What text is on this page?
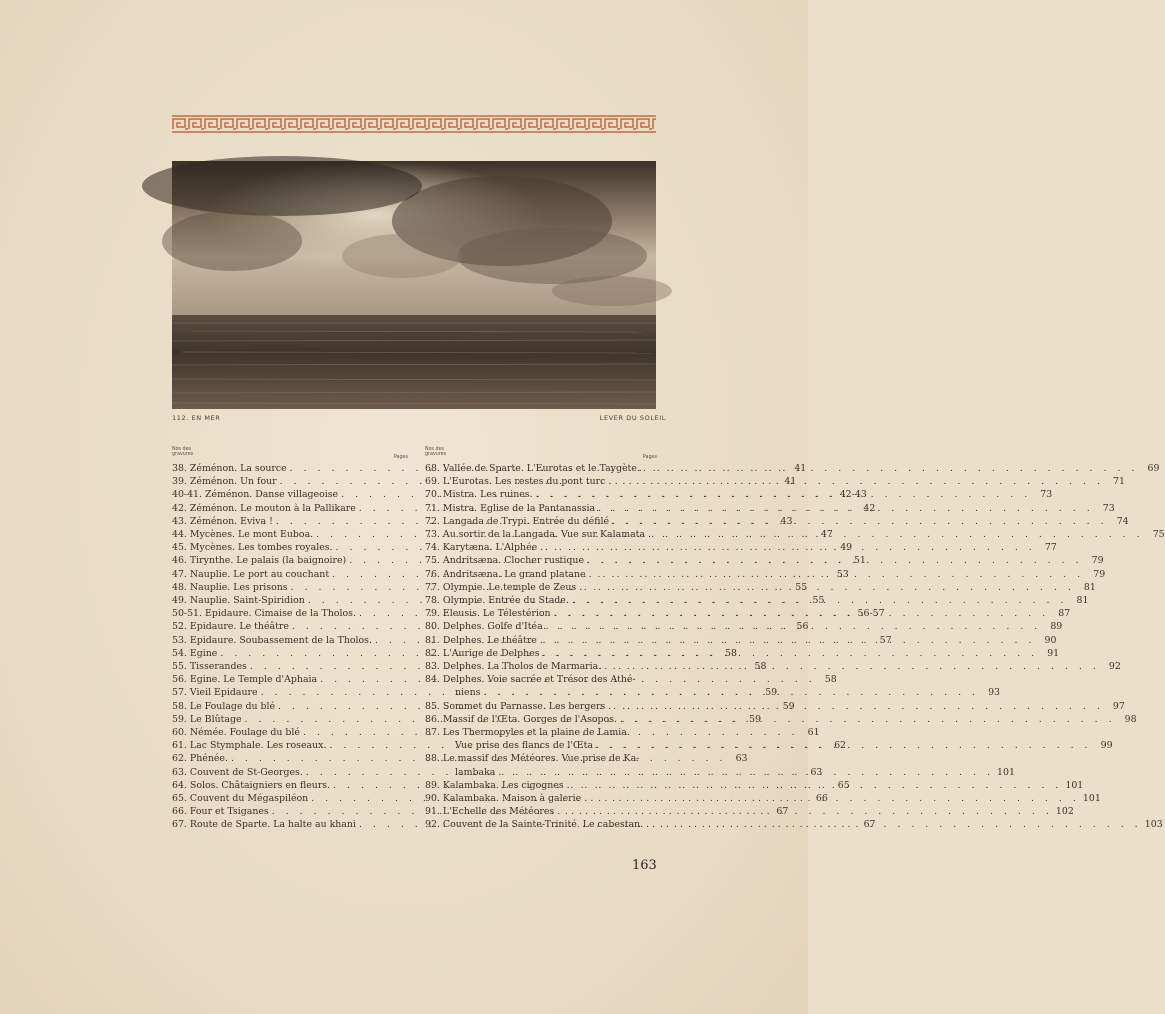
112. EN MER	LEVER DU SOLEIL
Nos des gravures
Pages
38. Zéménon. La source . . .	41
39. Zéménon. Un four . . .	41
40-41. Zéménon. Danse villageoise . . .	42-43
42. Zéménon. Le mouton à la Pallikare . . .	42
43. Zéménon. Eviva ! . . .	43
44. Mycènes. Le mont Euboa. . . .	47
45. Mycènes. Les tombes royales. . . .	49
46. Tirynthe. Le palais (la baignoire) . . .	51
47. Nauplie. Le port au couchant . . .	53
48. Nauplie. Les prisons . . .	55
49. Nauplie. Saint-Spiridion . . .	55
50-51. Epidaure. Cimaise de la Tholos. . . .	56-57
52. Epidaure. Le théâtre . . .	56
53. Epidaure. Soubassement de la Tholos. . . .	57
54. Egine . . .	58
55. Tisserandes . . .	58
56. Egine. Le Temple d'Aphaia . . .	58
57. Vieil Epidaure . . .	59
58. Le Foulage du blé . . .	59
59. Le Blûtage . . .	59
60. Némée. Foulage du blé . . .	61
61. Lac Stymphale. Les roseaux. . . .	62
62. Phénée. . . .	63
63. Couvent de St-Georges. . . .	63
64. Solos. Châtaigniers en fleurs. . . .	65
65. Couvent du Mégaspiléon . . .	66
66. Four et Tsiganes . . .	67
67. Route de Sparte. La halte au khani . . .	67
Nos des gravures
Pages
68. Vallée de Sparte. L'Eurotas et le Taygète. . . .	69
69. L'Eurotas. Les restes du pont turc . . .	71
70. Mistra. Les ruines. . . .	73
71. Mistra. Eglise de la Pantanassia . . .	73
72. Langada de Trypi. Entrée du défilé . . .	74
73. Au sortir de la Langada. Vue sur Kalamata . . .	75
74. Karytæna. L'Alphée . . .	77
75. Andritsæna. Clocher rustique . . .	79
76. Andritsæna. Le grand platane . . .	79
77. Olympie. Le temple de Zeus . . .	81
78. Olympie. Entrée du Stade. . . .	81
79. Eleusis. Le Télestérion . . .	87
80. Delphes. Golfe d'Itéa . . .	89
81. Delphes. Le théâtre . . .	90
82. L'Aurige de Delphes . . .	91
83. Delphes. La Tholos de Marmaria. . . .	92
84. Delphes. Voie sacrée et Trésor des Athé-
niens . . .	93
85. Sommet du Parnasse. Les bergers . . .	97
86. Massif de l'Œta. Gorges de l'Asopos. . . .	98
87. Les Thermopyles et la plaine de Lamia.
Vue prise des flancs de l'Œta . . .	99
88. Le massif des Météores. Vue prise de Ka-
lambaka . . .	101
89. Kalambaka. Les cigognes . . .	101
90. Kalambaka. Maison à galerie . . .	101
91. L'Echelle des Météores . . .	102
92. Couvent de la Sainte-Trinité. Le cabestan. . . .	103
163
